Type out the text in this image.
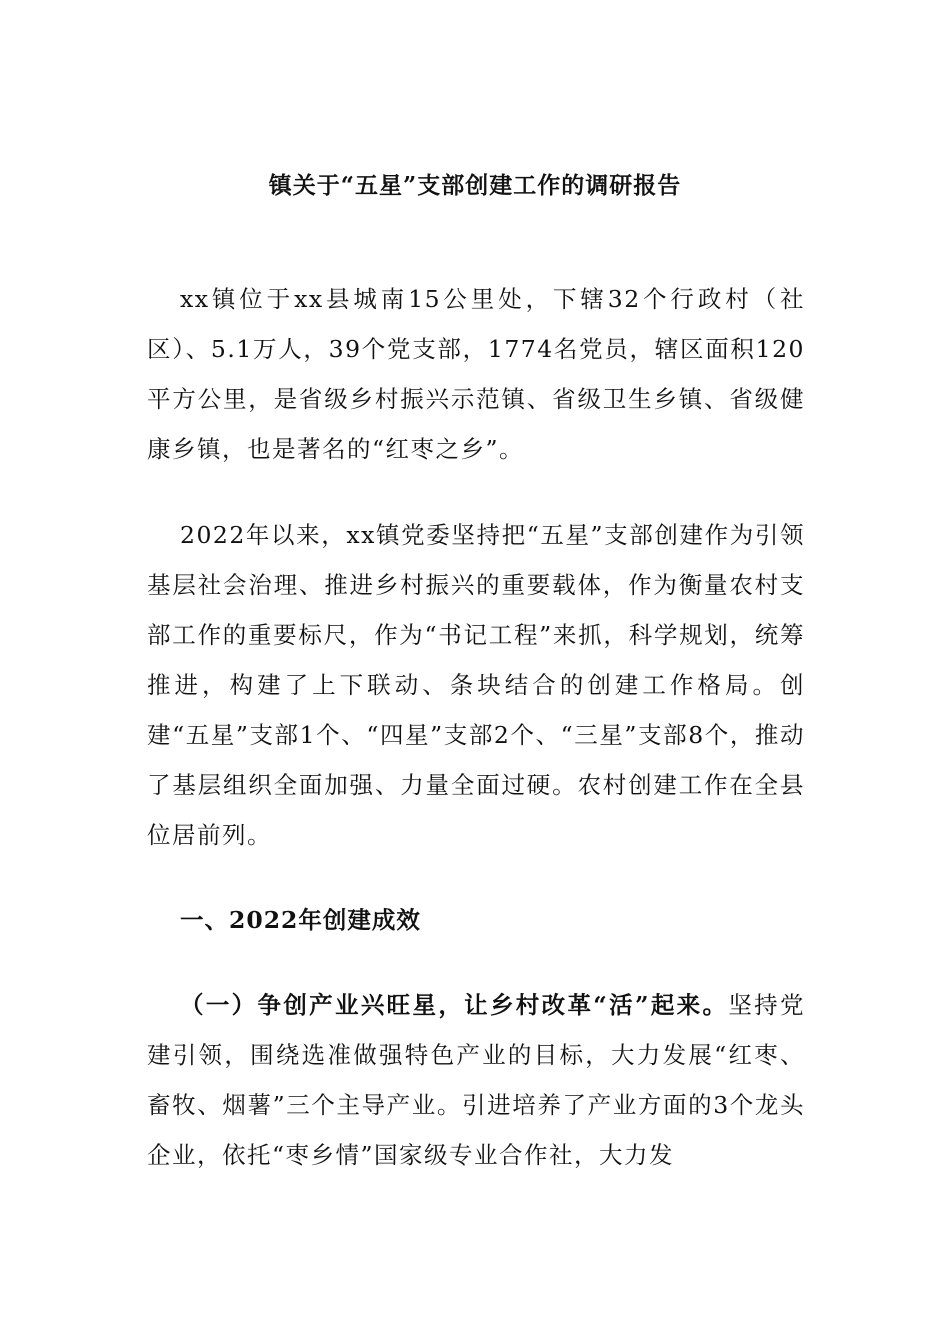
镇关于“五星”支部创建工作的调研报告

xx镇位于xx县城南15公里处，下辖32个行政村（社区）、5.1万人，39个党支部，1774名党员，辖区面积120平方公里，是省级乡村振兴示范镇、省级卫生乡镇、省级健康乡镇，也是著名的“红枣之乡”。

2022年以来，xx镇党委坚持把“五星”支部创建作为引领基层社会治理、推进乡村振兴的重要载体，作为衡量农村支部工作的重要标尺，作为“书记工程”来抓，科学规划，统筹推进，构建了上下联动、条块结合的创建工作格局。创建“五星”支部1个、“四星”支部2个、“三星”支部8个，推动了基层组织全面加强、力量全面过硬。农村创建工作在全县位居前列。

一、2022年创建成效

（一）争创产业兴旺星，让乡村改革“活”起来。坚持党建引领，围绕选准做强特色产业的目标，大力发展“红枣、畜牧、烟薯”三个主导产业。引进培养了产业方面的3个龙头企业，依托“枣乡情”国家级专业合作社，大力发
